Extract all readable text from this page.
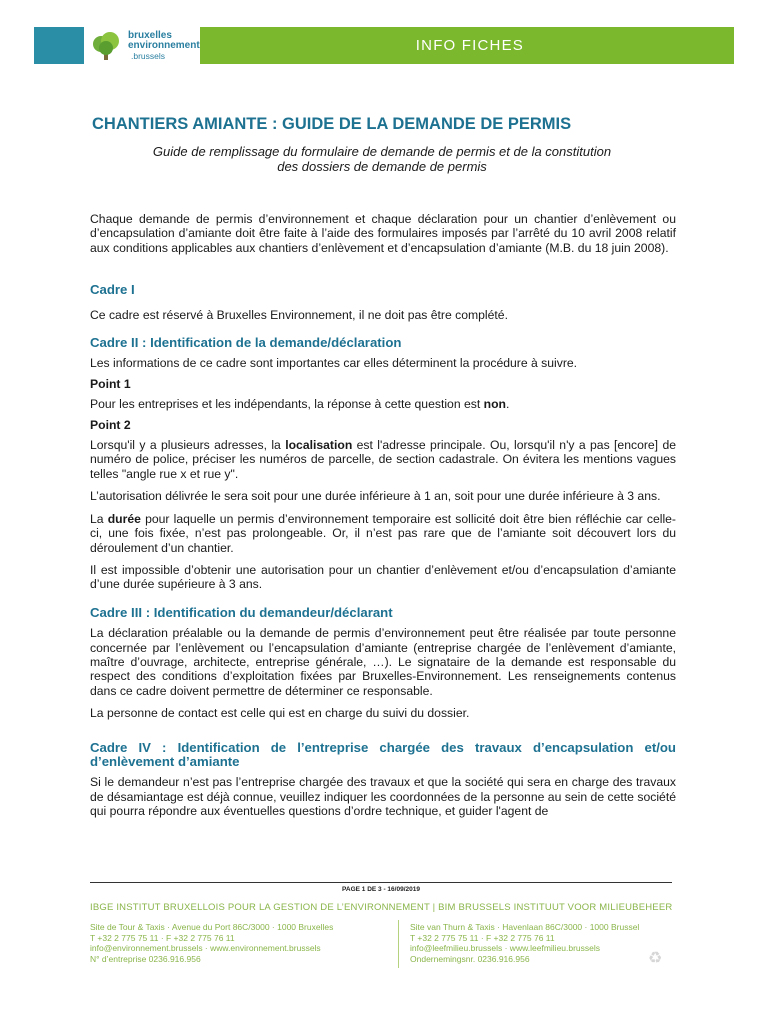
bruxelles
environnement
.brussels
INFO FICHES
CHANTIERS AMIANTE : GUIDE DE LA DEMANDE DE PERMIS
Guide de remplissage du formulaire de demande de permis et de la constitution
des dossiers de demande de permis

Chaque demande de permis d’environnement et chaque déclaration pour un chantier d’enlèvement ou d’encapsulation d’amiante doit être faite à l’aide des formulaires imposés par l’arrêté du 10 avril 2008 relatif aux conditions applicables aux chantiers d’enlèvement et d’encapsulation d’amiante (M.B. du 18 juin 2008).

Cadre I

Ce cadre est réservé à Bruxelles Environnement, il ne doit pas être complété.

Cadre II : Identification de la demande/déclaration

Les informations de ce cadre sont importantes car elles déterminent la procédure à suivre.

Point 1

Pour les entreprises et les indépendants, la réponse à cette question est non.

Point 2

Lorsqu'il y a plusieurs adresses, la localisation est l'adresse principale. Ou, lorsqu'il n'y a pas [encore] de numéro de police, préciser les numéros de parcelle, de section cadastrale. On évitera les mentions vagues telles "angle rue x et rue y".

L’autorisation délivrée le sera soit pour une durée inférieure à 1 an, soit pour une durée inférieure à 3 ans.

La durée pour laquelle un permis d’environnement temporaire est sollicité doit être bien réfléchie car celle-ci, une fois fixée, n’est pas prolongeable. Or, il n’est pas rare que de l’amiante soit découvert lors du déroulement d’un chantier.

Il est impossible d’obtenir une autorisation pour un chantier d’enlèvement et/ou d’encapsulation d’amiante d’une durée supérieure à 3 ans.

Cadre III : Identification du demandeur/déclarant

La déclaration préalable ou la demande de permis d’environnement peut être réalisée par toute personne concernée par l’enlèvement ou l’encapsulation d’amiante (entreprise chargée de l’enlèvement d’amiante, maître d’ouvrage, architecte, entreprise générale, …). Le signataire de la demande est responsable du respect des conditions d’exploitation fixées par Bruxelles-Environnement. Les renseignements contenus dans ce cadre doivent permettre de déterminer ce responsable.

La personne de contact est celle qui est en charge du suivi du dossier.

Cadre IV : Identification de l’entreprise chargée des travaux d’encapsulation et/ou d’enlèvement d’amiante

Si le demandeur n’est pas l’entreprise chargée des travaux et que la société qui sera en charge des travaux de désamiantage est déjà connue, veuillez indiquer les coordonnées de la personne au sein de cette société qui pourra répondre aux éventuelles questions d’ordre technique, et guider l'agent de

PAGE 1 DE 3 - 16/09/2019
IBGE INSTITUT BRUXELLOIS POUR LA GESTION DE L’ENVIRONNEMENT | BIM BRUSSELS INSTITUUT VOOR MILIEUBEHEER
Site de Tour & Taxis · Avenue du Port 86C/3000 · 1000 Bruxelles
T +32 2 775 75 11 · F +32 2 775 76 11
info@environnement.brussels · www.environnement.brussels
N° d’entreprise 0236.916.956
Site van Thurn & Taxis · Havenlaan 86C/3000 · 1000 Brussel
T +32 2 775 75 11 · F +32 2 775 76 11
info@leefmilieu.brussels · www.leefmilieu.brussels
Ondernemingsnr. 0236.916.956	♻
